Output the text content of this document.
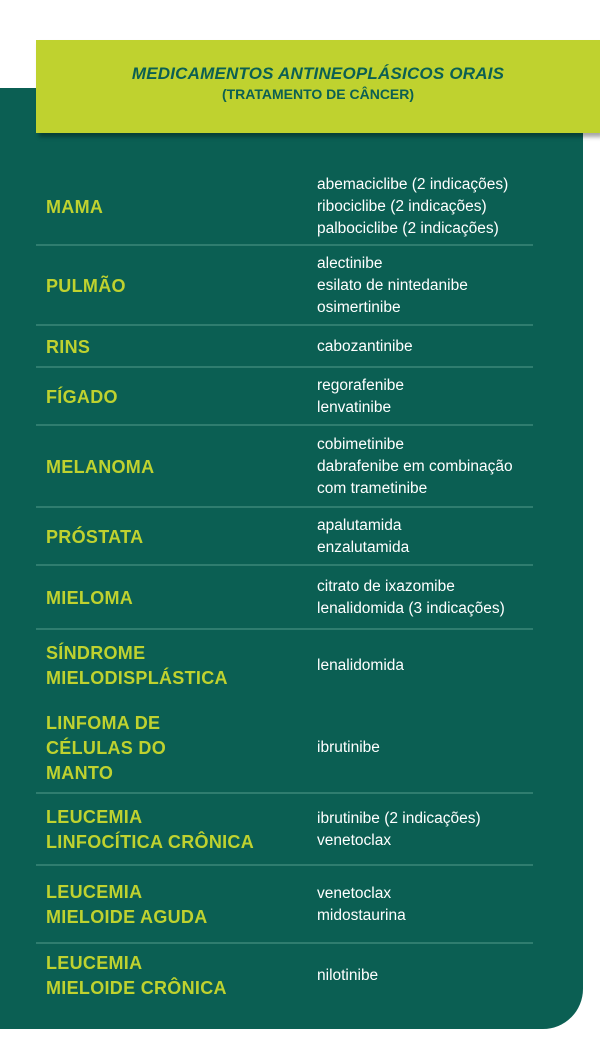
MEDICAMENTOS ANTINEOPLÁSICOS ORAIS
(TRATAMENTO DE CÂNCER)
MAMA
abemaciclibe (2 indicações)
ribociclibe (2 indicações)
palbociclibe (2 indicações)
PULMÃO
alectinibe
esilato de nintedanibe
osimertinibe
RINS	cabozantinibe
FÍGADO
regorafenibe
lenvatinibe
MELANOMA
cobimetinibe
dabrafenibe em combinação
com trametinibe
PRÓSTATA
apalutamida
enzalutamida
MIELOMA
citrato de ixazomibe
lenalidomida (3 indicações)
SÍNDROME
MIELODISPLÁSTICA
lenalidomida
LINFOMA DE
CÉLULAS DO
MANTO
ibrutinibe
LEUCEMIA
LINFOCÍTICA CRÔNICA
ibrutinibe (2 indicações)
venetoclax
LEUCEMIA
MIELOIDE AGUDA
venetoclax
midostaurina
LEUCEMIA
MIELOIDE CRÔNICA
nilotinibe
